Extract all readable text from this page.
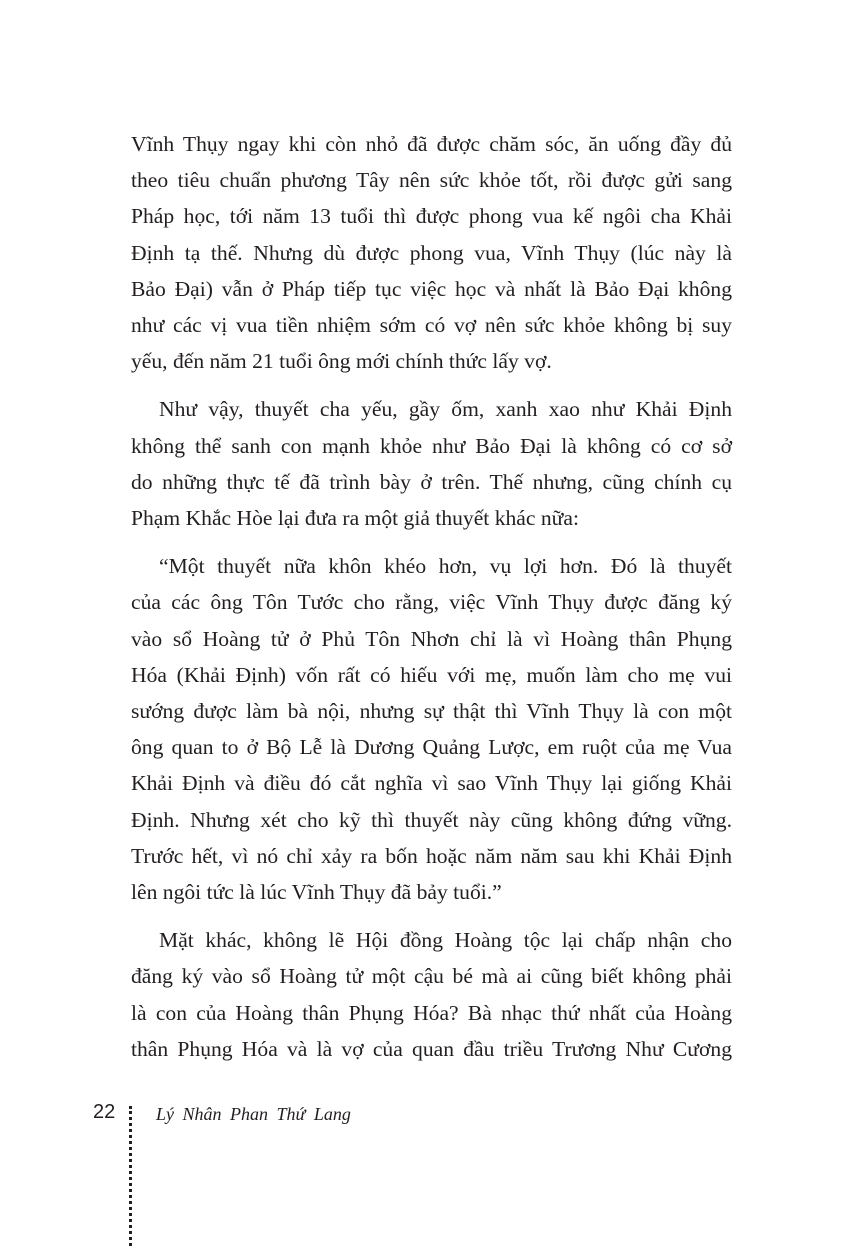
Vĩnh Thụy ngay khi còn nhỏ đã được chăm sóc, ăn uống đầy đủ
theo tiêu chuẩn phương Tây nên sức khỏe tốt, rồi được gửi sang
Pháp học, tới năm 13 tuổi thì được phong vua kế ngôi cha Khải
Định tạ thế. Nhưng dù được phong vua, Vĩnh Thụy (lúc này là
Bảo Đại) vẫn ở Pháp tiếp tục việc học và nhất là Bảo Đại không
như các vị vua tiền nhiệm sớm có vợ nên sức khỏe không bị suy
yếu, đến năm 21 tuổi ông mới chính thức lấy vợ.

Như vậy, thuyết cha yếu, gầy ốm, xanh xao như Khải Định
không thể sanh con mạnh khỏe như Bảo Đại là không có cơ sở
do những thực tế đã trình bày ở trên. Thế nhưng, cũng chính cụ
Phạm Khắc Hòe lại đưa ra một giả thuyết khác nữa:

“Một thuyết nữa khôn khéo hơn, vụ lợi hơn. Đó là thuyết
của các ông Tôn Tước cho rằng, việc Vĩnh Thụy được đăng ký
vào sổ Hoàng tử ở Phủ Tôn Nhơn chỉ là vì Hoàng thân Phụng
Hóa (Khải Định) vốn rất có hiếu với mẹ, muốn làm cho mẹ vui
sướng được làm bà nội, nhưng sự thật thì Vĩnh Thụy là con một
ông quan to ở Bộ Lễ là Dương Quảng Lược, em ruột của mẹ Vua
Khải Định và điều đó cắt nghĩa vì sao Vĩnh Thụy lại giống Khải
Định. Nhưng xét cho kỹ thì thuyết này cũng không đứng vững.
Trước hết, vì nó chỉ xảy ra bốn hoặc năm năm sau khi Khải Định
lên ngôi tức là lúc Vĩnh Thụy đã bảy tuổi.”

Mặt khác, không lẽ Hội đồng Hoàng tộc lại chấp nhận cho
đăng ký vào sổ Hoàng tử một cậu bé mà ai cũng biết không phải
là con của Hoàng thân Phụng Hóa? Bà nhạc thứ nhất của Hoàng
thân Phụng Hóa và là vợ của quan đầu triều Trương Như Cương

22 Lý Nhân Phan Thứ Lang
